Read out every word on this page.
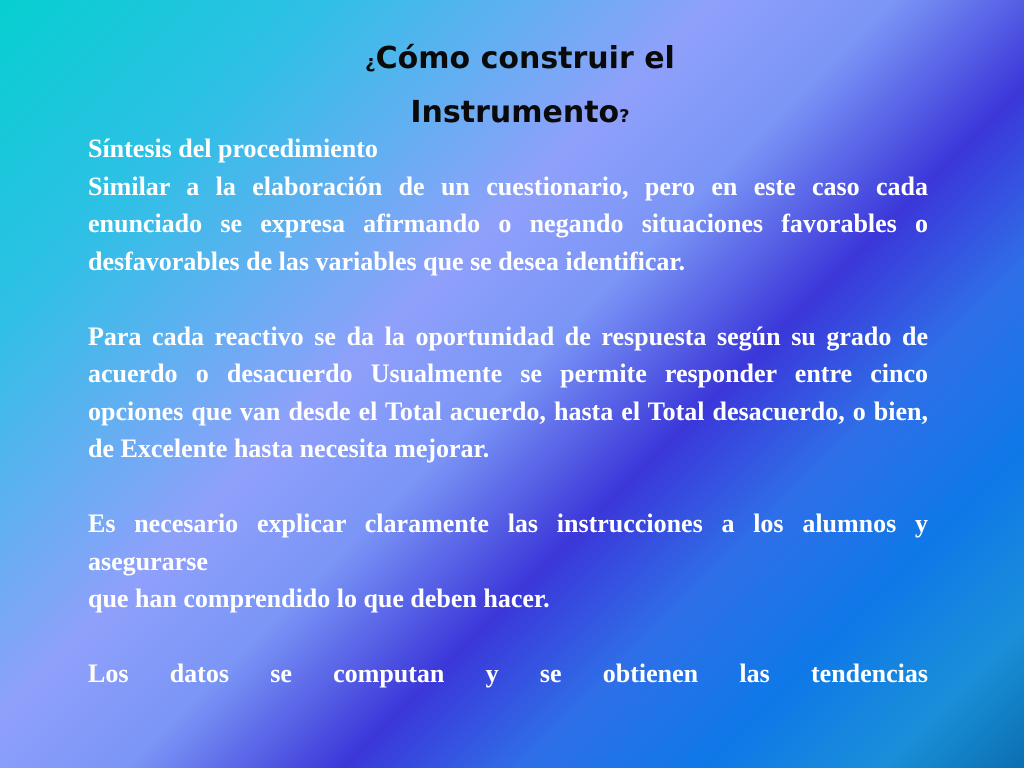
¿Cómo construir el
Instrumento?

Síntesis del procedimiento

Similar a la elaboración de un cuestionario, pero en este caso cada enunciado se expresa afirmando o negando situaciones favorables o desfavorables de las variables que se desea identificar.

Para cada reactivo se da la oportunidad de respuesta según su grado de acuerdo o desacuerdo Usualmente se permite responder entre cinco opciones que van desde el Total acuerdo, hasta el Total desacuerdo, o bien, de Excelente hasta necesita mejorar.

Es necesario explicar claramente las instrucciones a los alumnos y asegurarse

que han comprendido lo que deben hacer.

Los datos se computan y se obtienen las tendencias
